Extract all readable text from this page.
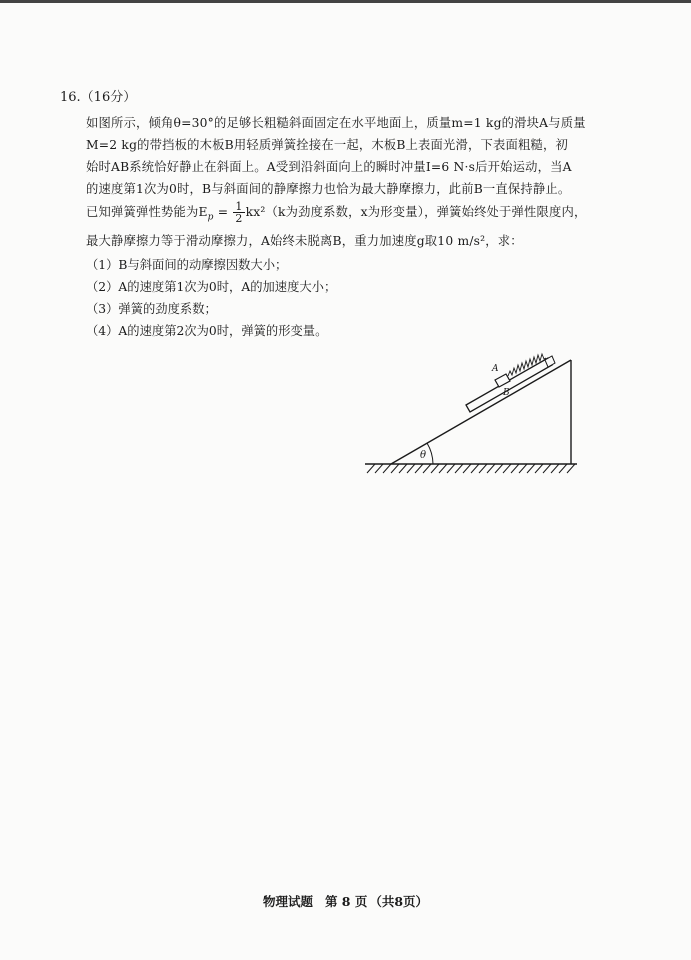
16.（16分）
如图所示，倾角θ=30°的足够长粗糙斜面固定在水平地面上，质量m=1 kg的滑块A与质量
M=2 kg的带挡板的木板B用轻质弹簧拴接在一起，木板B上表面光滑，下表面粗糙，初
始时AB系统恰好静止在斜面上。A受到沿斜面向上的瞬时冲量I=6 N·s后开始运动，当A
的速度第1次为0时，B与斜面间的静摩擦力也恰为最大静摩擦力，此前B一直保持静止。
已知弹簧弹性势能为$E_p = \frac{1}{2} kx^2(k$为劲度系数，x为形变量），弹簧始终处于弹性限度内，
最大静摩擦力等于滑动摩擦力，A始终未脱离B，重力加速度g取10 m/s²，求：
（1）B与斜面间的动摩擦因数大小；
（2）A的速度第1次为0时，A的加速度大小；
（3）弹簧的劲度系数；
（4）A的速度第2次为0时，弹簧的形变量。
θ
A
B
物理试题 第 8 页 （共8页）
